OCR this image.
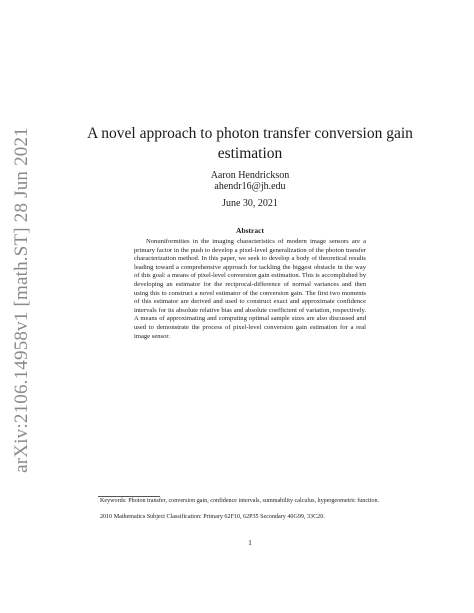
arXiv:2106.14958v1 [math.ST] 28 Jun 2021	A novel approach to photon transfer conversion gain estimation
Aaron Hendrickson
ahendr16@jh.edu
June 30, 2021
Abstract

Nonuniformities in the imaging characteristics of modern image sensors are a primary factor in the push to develop a pixel-level generalization of the photon transfer characterization method. In this paper, we seek to develop a body of theoretical results leading toward a comprehensive approach for tackling the biggest obstacle in the way of this goal: a means of pixel-level conversion gain estimation. This is accomplished by developing an estimator for the reciprocal-difference of normal variances and then using this to construct a novel estimator of the conversion gain. The first two moments of this estimator are derived and used to construct exact and approximate confidence intervals for its absolute relative bias and absolute coefficient of variation, respectively. A means of approximating and computing optimal sample sizes are also discussed and used to demonstrate the process of pixel-level conversion gain estimation for a real image sensor.

Keywords: Photon transfer, conversion gain, confidence intervals, summability calculus, hypergeometric function.
2010 Mathematics Subject Classification: Primary 62F10, 62P35 Secondary 40G99, 33C20.
1
